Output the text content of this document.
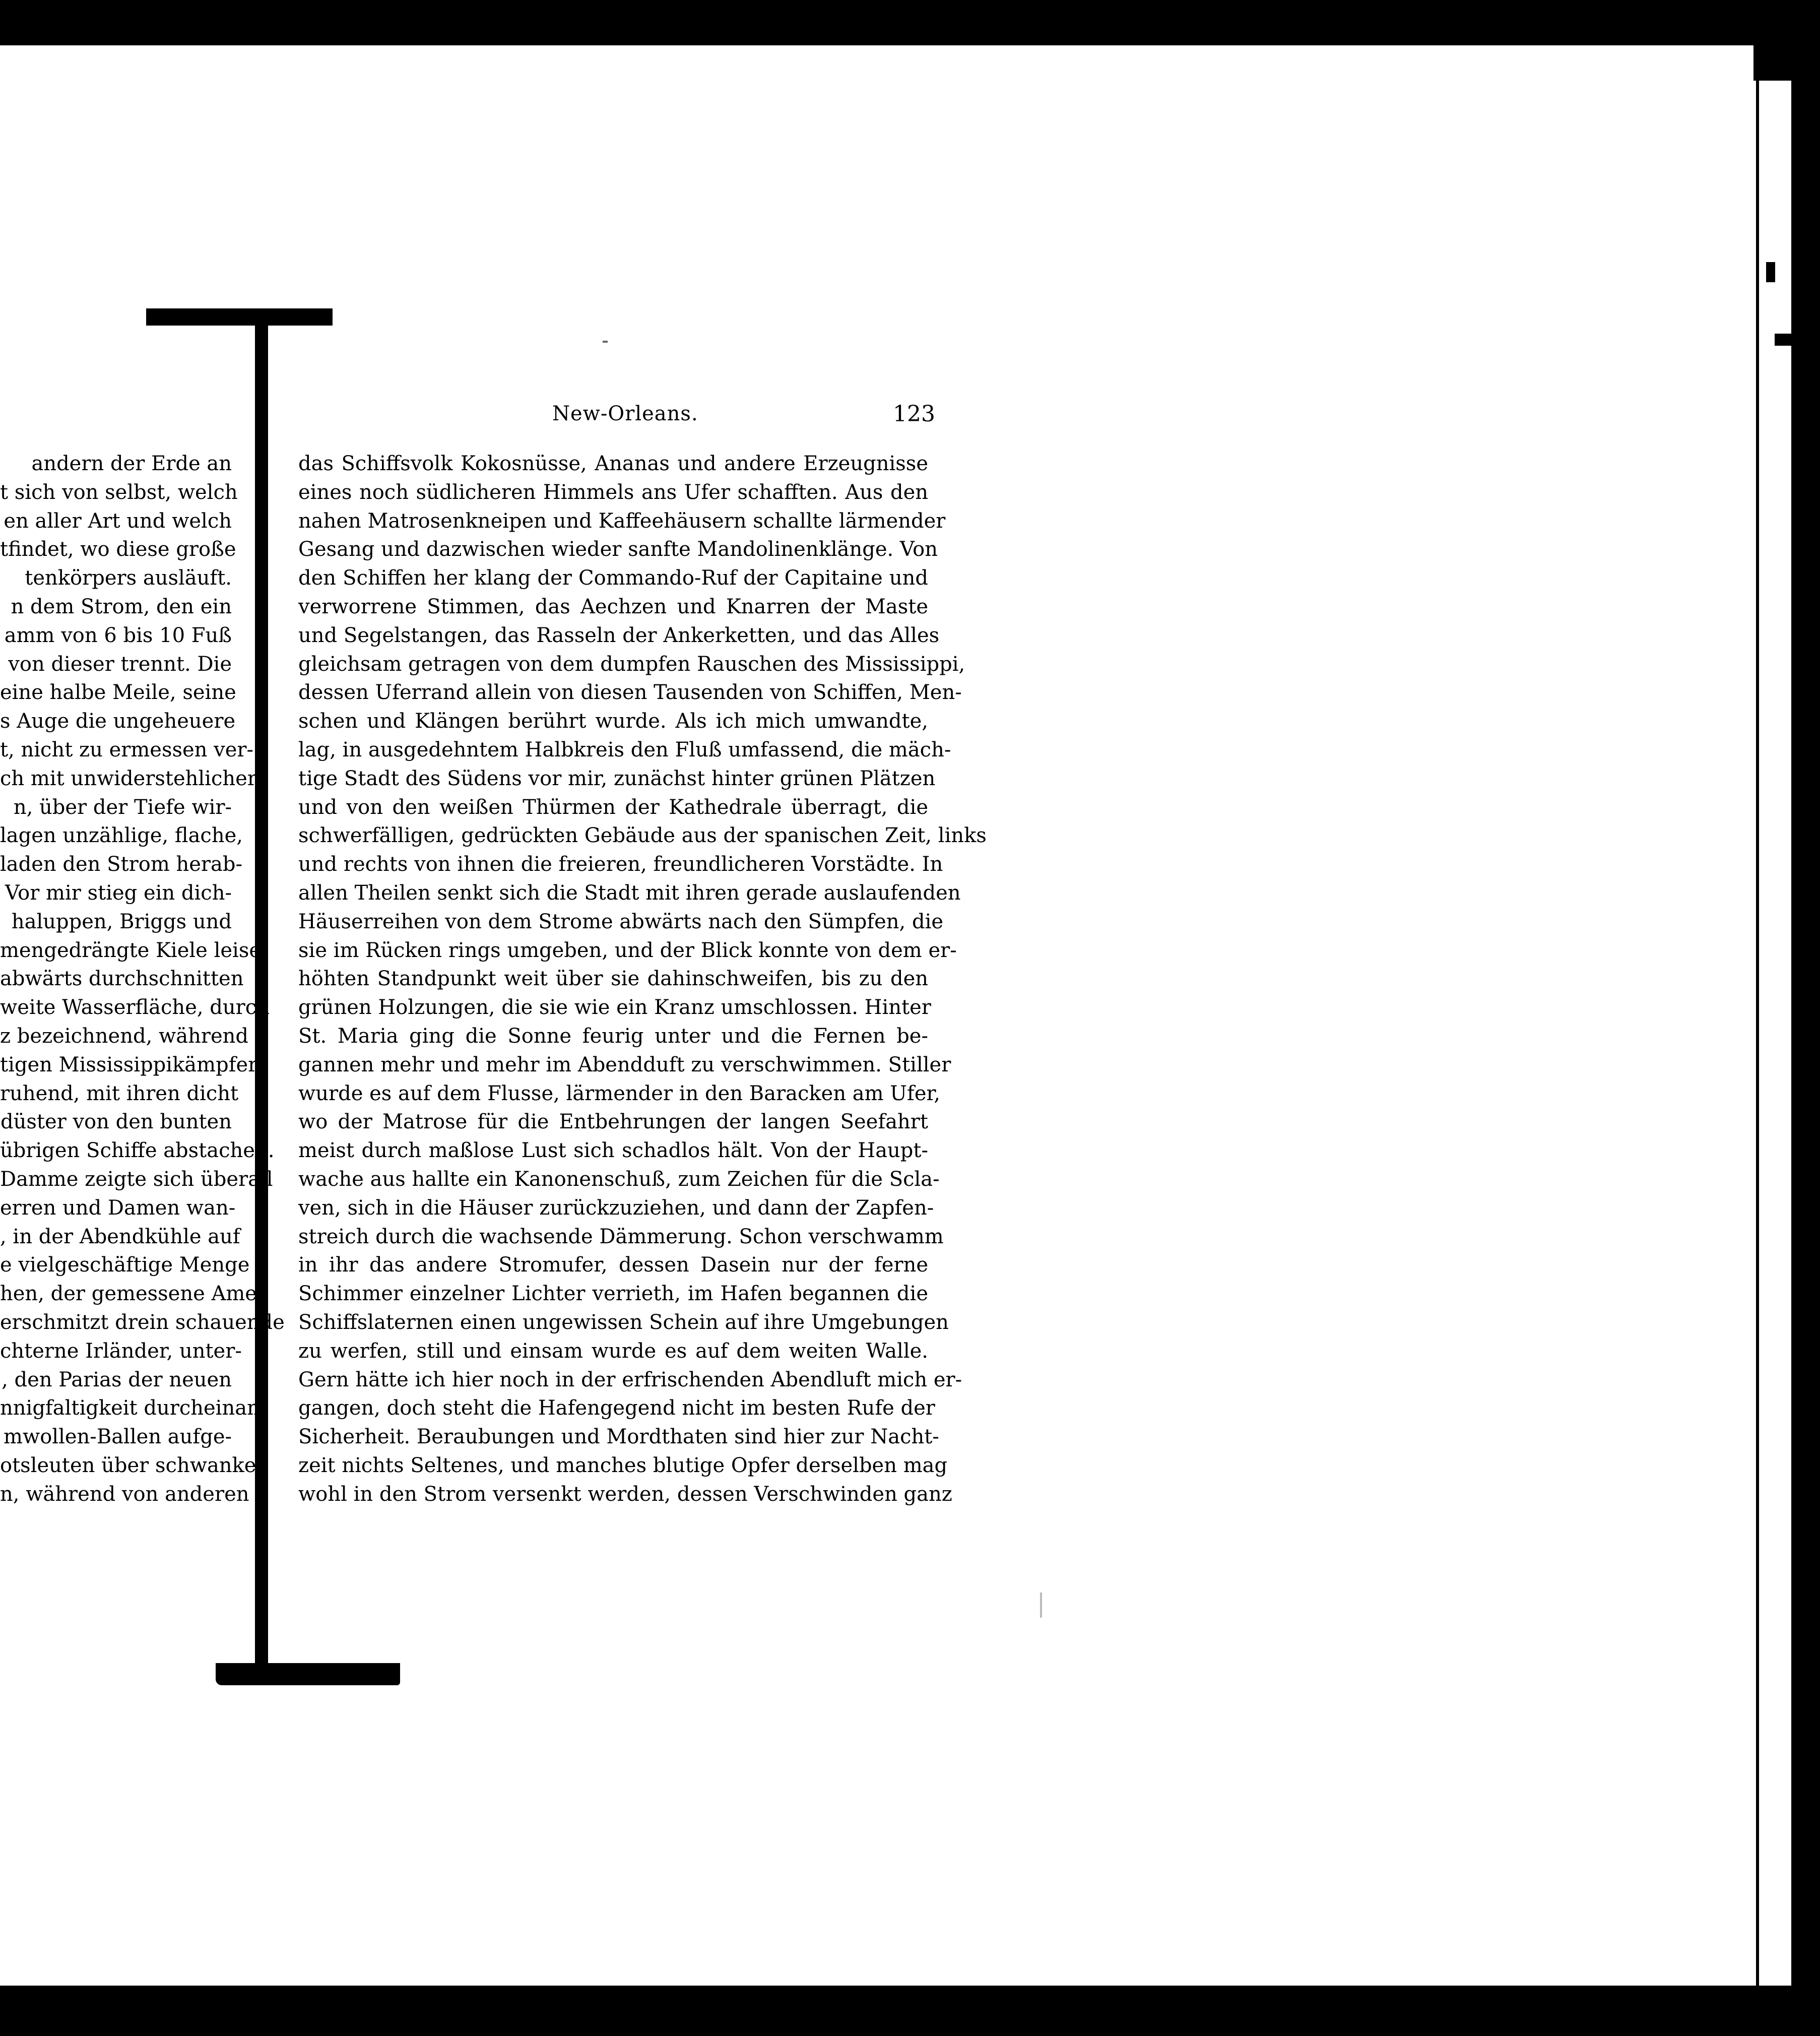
andern der Erde an
t sich von selbst, welch
en aller Art und welch
tfindet, wo diese große
tenkörpers ausläuft.
n dem Strom, den ein
amm von 6 bis 10 Fuß
von dieser trennt. Die
eine halbe Meile, seine
s Auge die ungeheuere
t, nicht zu ermessen ver-
ch mit unwiderstehlicher
n, über der Tiefe wir-
lagen unzählige, flache,
laden den Strom herab-
Vor mir stieg ein dich-
haluppen, Briggs und
mengedrängte Kiele leise
abwärts durchschnitten
weite Wasserfläche, durch
z bezeichnend, während
tigen Mississippikämpfer,
ruhend, mit ihren dicht
düster von den bunten
übrigen Schiffe abstachen.
Damme zeigte sich überall
erren und Damen wan-
, in der Abendkühle auf
e vielgeschäftige Menge
hen, der gemessene Ame-
erschmitzt drein schauende
chterne Irländer, unter-
, den Parias der neuen
nnigfaltigkeit durcheinan-
mwollen-Ballen aufge-
otsleuten über schwanke
n, während von anderen
New-Orleans.	123
das Schiffsvolk Kokosnüsse, Ananas und andere Erzeugnisse
eines noch südlicheren Himmels ans Ufer schafften. Aus den
nahen Matrosenkneipen und Kaffeehäusern schallte lärmender
Gesang und dazwischen wieder sanfte Mandolinenklänge. Von
den Schiffen her klang der Commando-Ruf der Capitaine und
verworrene Stimmen, das Aechzen und Knarren der Maste
und Segelstangen, das Rasseln der Ankerketten, und das Alles
gleichsam getragen von dem dumpfen Rauschen des Mississippi,
dessen Uferrand allein von diesen Tausenden von Schiffen, Men-
schen und Klängen berührt wurde. Als ich mich umwandte,
lag, in ausgedehntem Halbkreis den Fluß umfassend, die mäch-
tige Stadt des Südens vor mir, zunächst hinter grünen Plätzen
und von den weißen Thürmen der Kathedrale überragt, die
schwerfälligen, gedrückten Gebäude aus der spanischen Zeit, links
und rechts von ihnen die freieren, freundlicheren Vorstädte. In
allen Theilen senkt sich die Stadt mit ihren gerade auslaufenden
Häuserreihen von dem Strome abwärts nach den Sümpfen, die
sie im Rücken rings umgeben, und der Blick konnte von dem er-
höhten Standpunkt weit über sie dahinschweifen, bis zu den
grünen Holzungen, die sie wie ein Kranz umschlossen. Hinter
St. Maria ging die Sonne feurig unter und die Fernen be-
gannen mehr und mehr im Abendduft zu verschwimmen. Stiller
wurde es auf dem Flusse, lärmender in den Baracken am Ufer,
wo der Matrose für die Entbehrungen der langen Seefahrt
meist durch maßlose Lust sich schadlos hält. Von der Haupt-
wache aus hallte ein Kanonenschuß, zum Zeichen für die Scla-
ven, sich in die Häuser zurückzuziehen, und dann der Zapfen-
streich durch die wachsende Dämmerung. Schon verschwamm
in ihr das andere Stromufer, dessen Dasein nur der ferne
Schimmer einzelner Lichter verrieth, im Hafen begannen die
Schiffslaternen einen ungewissen Schein auf ihre Umgebungen
zu werfen, still und einsam wurde es auf dem weiten Walle.
Gern hätte ich hier noch in der erfrischenden Abendluft mich er-
gangen, doch steht die Hafengegend nicht im besten Rufe der
Sicherheit. Beraubungen und Mordthaten sind hier zur Nacht-
zeit nichts Seltenes, und manches blutige Opfer derselben mag
wohl in den Strom versenkt werden, dessen Verschwinden ganz
